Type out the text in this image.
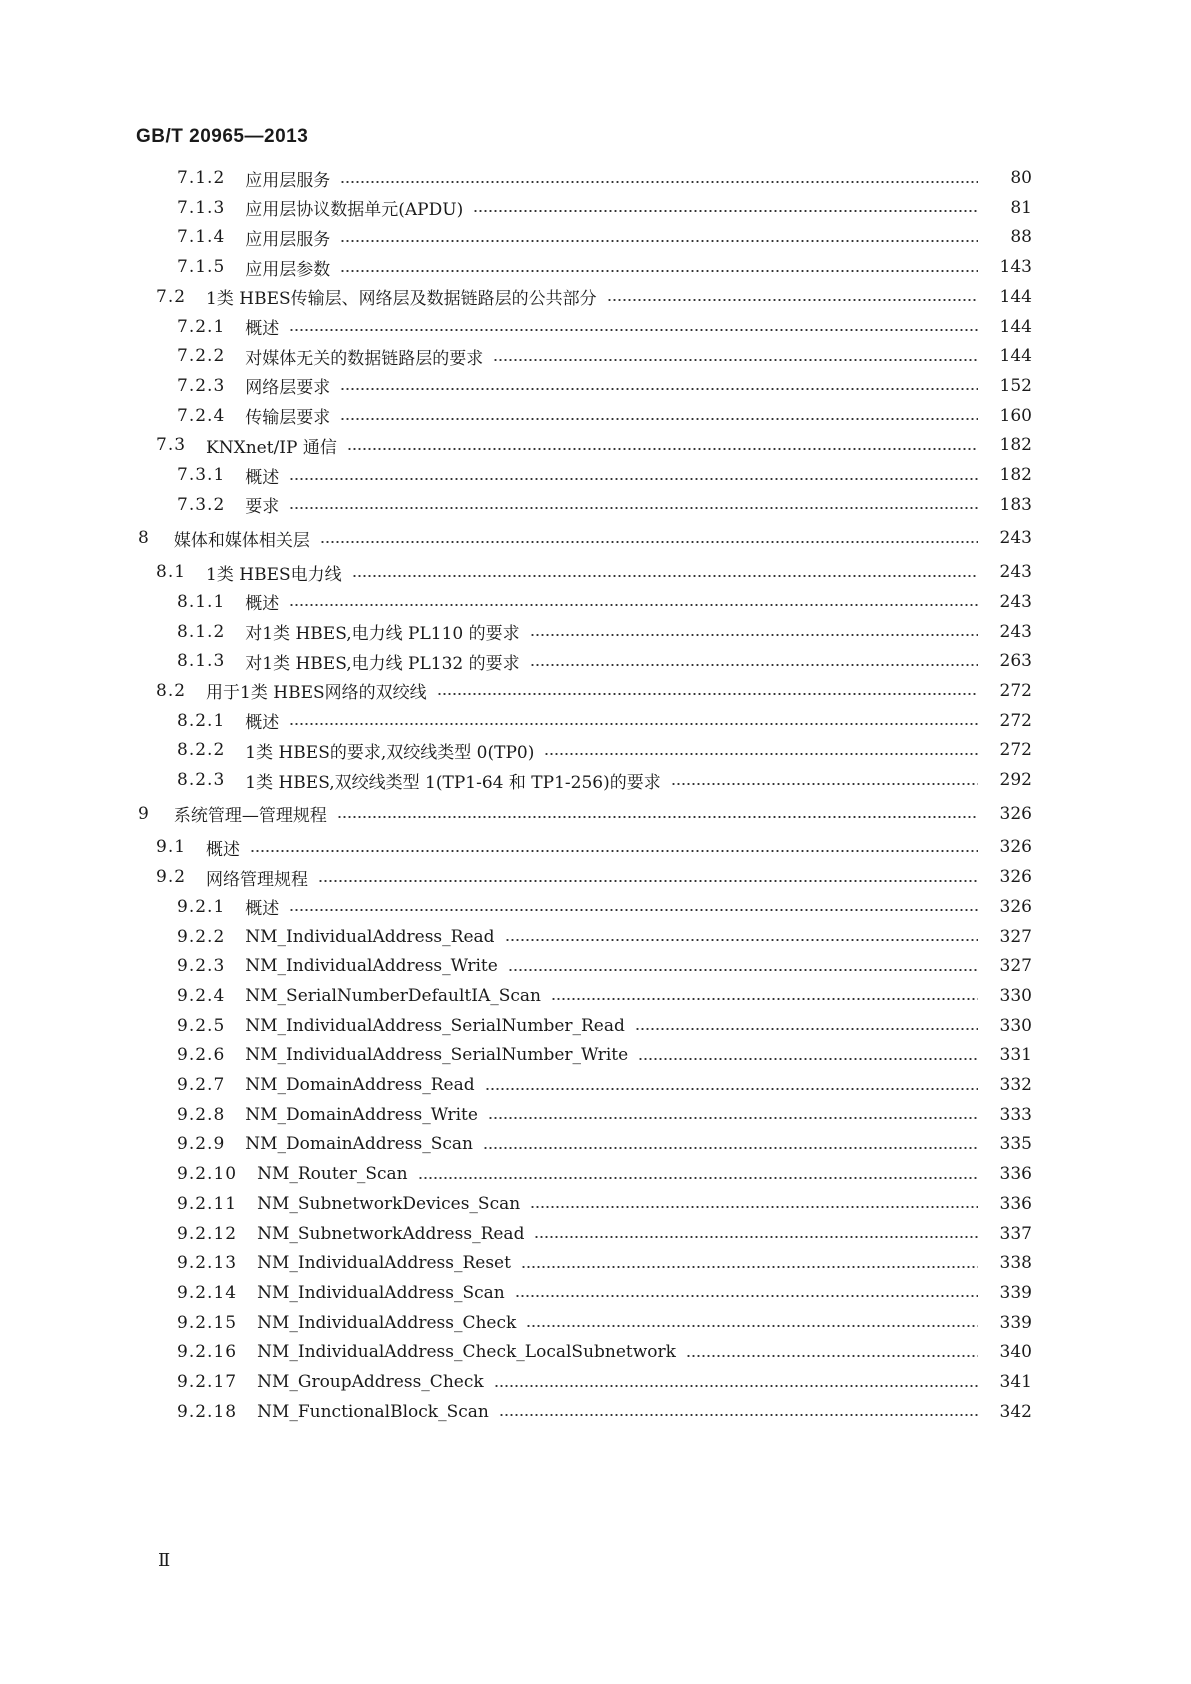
GB/T 20965—2013
7.1.2 应用层服务	80
7.1.3 应用层协议数据单元(APDU)	81
7.1.4 应用层服务	88
7.1.5 应用层参数	143
7.2 1类 HBES传输层、网络层及数据链路层的公共部分	144
7.2.1 概述	144
7.2.2 对媒体无关的数据链路层的要求	144
7.2.3 网络层要求	152
7.2.4 传输层要求	160
7.3 KNXnet/IP 通信	182
7.3.1 概述	182
7.3.2 要求	183
8 媒体和媒体相关层	243
8.1 1类 HBES电力线	243
8.1.1 概述	243
8.1.2 对1类 HBES,电力线 PL110 的要求	243
8.1.3 对1类 HBES,电力线 PL132 的要求	263
8.2 用于1类 HBES网络的双绞线	272
8.2.1 概述	272
8.2.2 1类 HBES的要求,双绞线类型 0(TP0)	272
8.2.3 1类 HBES,双绞线类型 1(TP1-64 和 TP1-256)的要求	292
9 系统管理—管理规程	326
9.1 概述	326
9.2 网络管理规程	326
9.2.1 概述	326
9.2.2 NM_IndividualAddress_Read	327
9.2.3 NM_IndividualAddress_Write	327
9.2.4 NM_SerialNumberDefaultIA_Scan	330
9.2.5 NM_IndividualAddress_SerialNumber_Read	330
9.2.6 NM_IndividualAddress_SerialNumber_Write	331
9.2.7 NM_DomainAddress_Read	332
9.2.8 NM_DomainAddress_Write	333
9.2.9 NM_DomainAddress_Scan	335
9.2.10 NM_Router_Scan	336
9.2.11 NM_SubnetworkDevices_Scan	336
9.2.12 NM_SubnetworkAddress_Read	337
9.2.13 NM_IndividualAddress_Reset	338
9.2.14 NM_IndividualAddress_Scan	339
9.2.15 NM_IndividualAddress_Check	339
9.2.16 NM_IndividualAddress_Check_LocalSubnetwork	340
9.2.17 NM_GroupAddress_Check	341
9.2.18 NM_FunctionalBlock_Scan	342
Ⅱ
